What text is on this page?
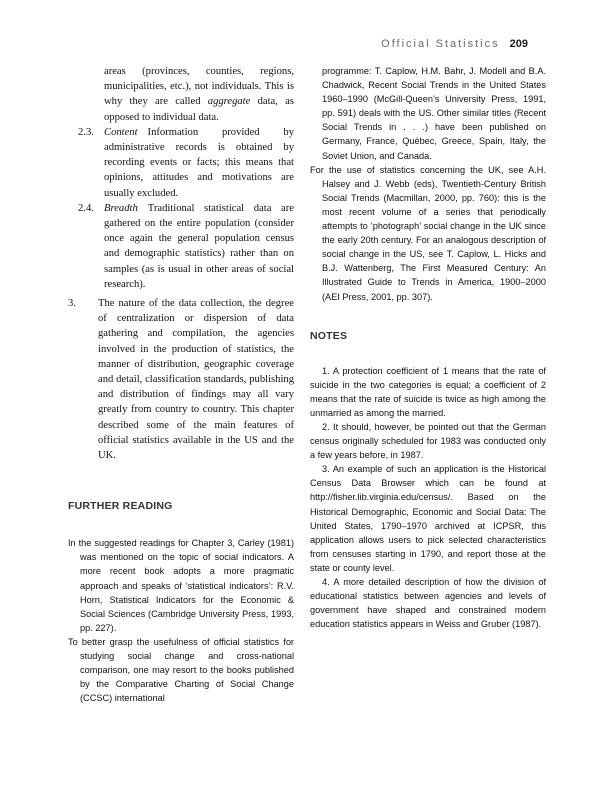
Official Statistics 209
areas (provinces, counties, regions, municipalities, etc.), not individuals. This is why they are called aggregate data, as opposed to individual data.
2.3. Content Information provided by administrative records is obtained by recording events or facts; this means that opinions, attitudes and motivations are usually excluded.
2.4. Breadth Traditional statistical data are gathered on the entire population (consider once again the general population census and demographic statistics) rather than on samples (as is usual in other areas of social research).
3.	The nature of the data collection, the degree of centralization or dispersion of data gathering and compilation, the agencies involved in the production of statistics, the manner of distribution, geographic coverage and detail, classification standards, publishing and distribution of findings may all vary greatly from country to country. This chapter described some of the main features of official statistics available in the US and the UK.
FURTHER READING

In the suggested readings for Chapter 3, Carley (1981) was mentioned on the topic of social indicators. A more recent book adopts a more pragmatic approach and speaks of ‘statistical indicators’: R.V. Horn, Statistical Indicators for the Economic & Social Sciences (Cambridge University Press, 1993, pp. 227).

To better grasp the usefulness of official statistics for studying social change and cross-national comparison, one may resort to the books published by the Comparative Charting of Social Change (CCSC) international

programme: T. Caplow, H.M. Bahr, J. Modell and B.A. Chadwick, Recent Social Trends in the United States 1960–1990 (McGill-Queen’s University Press, 1991, pp. 591) deals with the US. Other similar titles (Recent Social Trends in . . .) have been published on Germany, France, Québec, Greece, Spain, Italy, the Soviet Union, and Canada.

For the use of statistics concerning the UK, see A.H. Halsey and J. Webb (eds), Twentieth-Century British Social Trends (Macmillan, 2000, pp. 760): this is the most recent volume of a series that periodically attempts to ‘photograph’ social change in the UK since the early 20th century. For an analogous description of social change in the US, see T. Caplow, L. Hicks and B.J. Wattenberg, The First Measured Century: An Illustrated Guide to Trends in America, 1900–2000 (AEI Press, 2001, pp. 307).

NOTES

1. A protection coefficient of 1 means that the rate of suicide in the two categories is equal; a coefficient of 2 means that the rate of suicide is twice as high among the unmarried as among the married.

2. It should, however, be pointed out that the German census originally scheduled for 1983 was conducted only a few years before, in 1987.

3. An example of such an application is the Historical Census Data Browser which can be found at http://fisher.lib.virginia.edu/census/. Based on the Historical Demographic, Economic and Social Data: The United States, 1790–1970 archived at ICPSR, this application allows users to pick selected characteristics from censuses starting in 1790, and report those at the state or county level.

4. A more detailed description of how the division of educational statistics between agencies and levels of government have shaped and constrained modern education statistics appears in Weiss and Gruber (1987).
